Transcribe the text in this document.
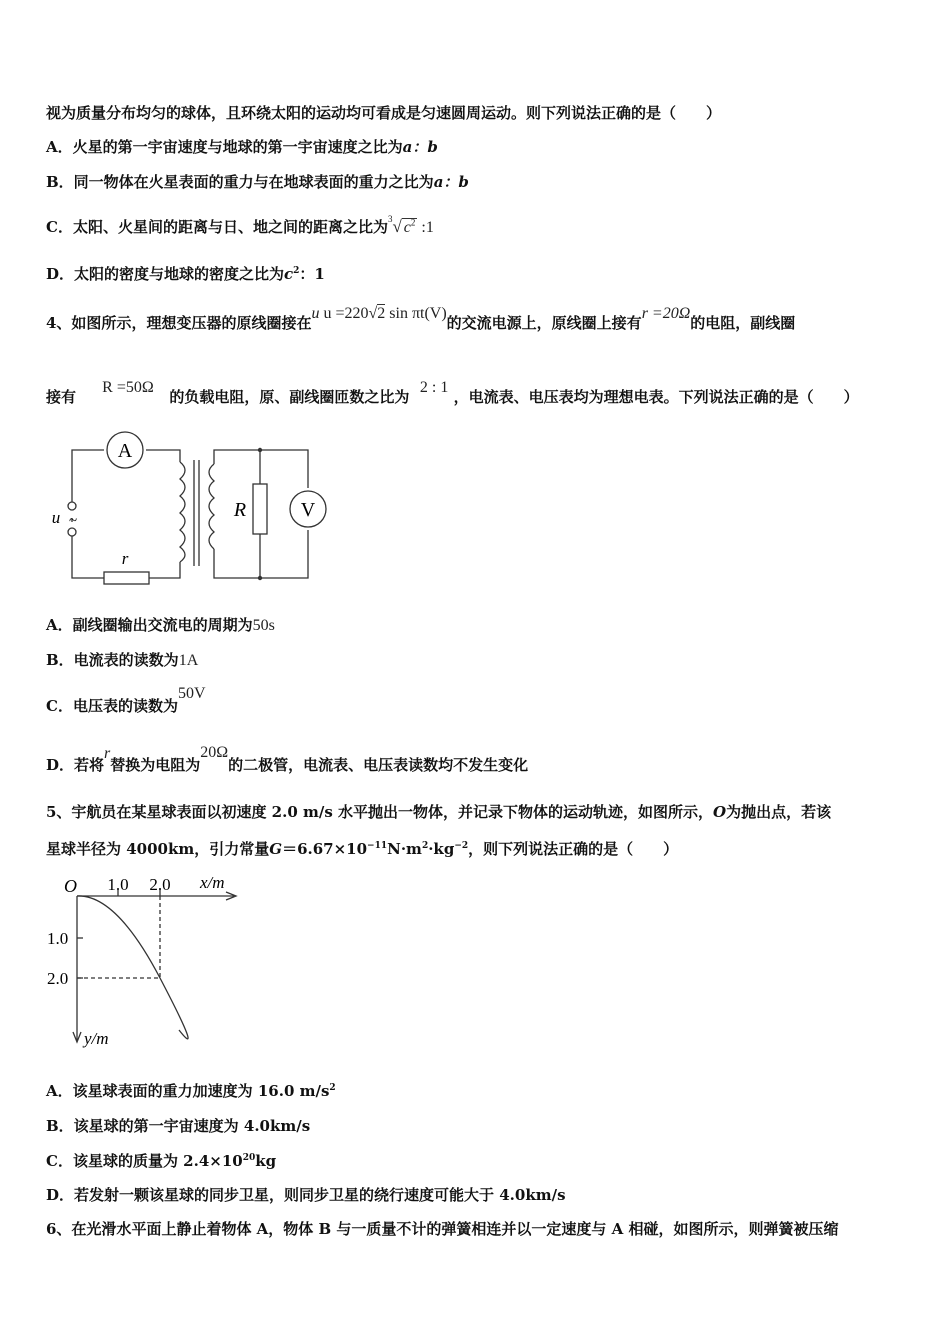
视为质量分布均匀的球体，且环绕太阳的运动均可看成是匀速圆周运动。则下列说法正确的是（　　）
A．火星的第一宇宙速度与地球的第一宇宙速度之比为a：b
B．同一物体在火星表面的重力与在地球表面的重力之比为a：b
C．太阳、火星间的距离与日、地之间的距离之比为$^3$√ $c^2$ :1
D．太阳的密度与地球的密度之比为$c^2$：1
4、如图所示，理想变压器的原线圈接在u u =220√2 sin πt(V)的交流电源上，原线圈上接有r =20Ω的电阻，副线圈
接有     R =50Ω   的负载电阻，原、副线圈匝数之比为  2 : 1 ，电流表、电压表均为理想电表。下列说法正确的是（　　）
A
V
R
r
u ~
A．副线圈输出交流电的周期为50s
B．电流表的读数为1A
C．电压表的读数为50V
D．若将r替换为电阻为20Ω的二极管，电流表、电压表读数均不发生变化
5、宇航员在某星球表面以初速度 2.0 m/s 水平抛出一物体，并记录下物体的运动轨迹，如图所示，O为抛出点，若该
星球半径为 4000km，引力常量$G=6.67\times 10^{-11}N\cdot m^2\cdot kg^{-2}$，则下列说法正确的是（　　）
O 1.0 2.0 x/m
1.0
2.0
y/m
A．该星球表面的重力加速度为 16.0 $m/s^2$
B．该星球的第一宇宙速度为 4.0km/s
C．该星球的质量为 $2.4\times 10^{20}kg$
D．若发射一颗该星球的同步卫星，则同步卫星的绕行速度可能大于 4.0km/s
6、在光滑水平面上静止着物体 A，物体 B 与一质量不计的弹簧相连并以一定速度与 A 相碰，如图所示，则弹簧被压缩
